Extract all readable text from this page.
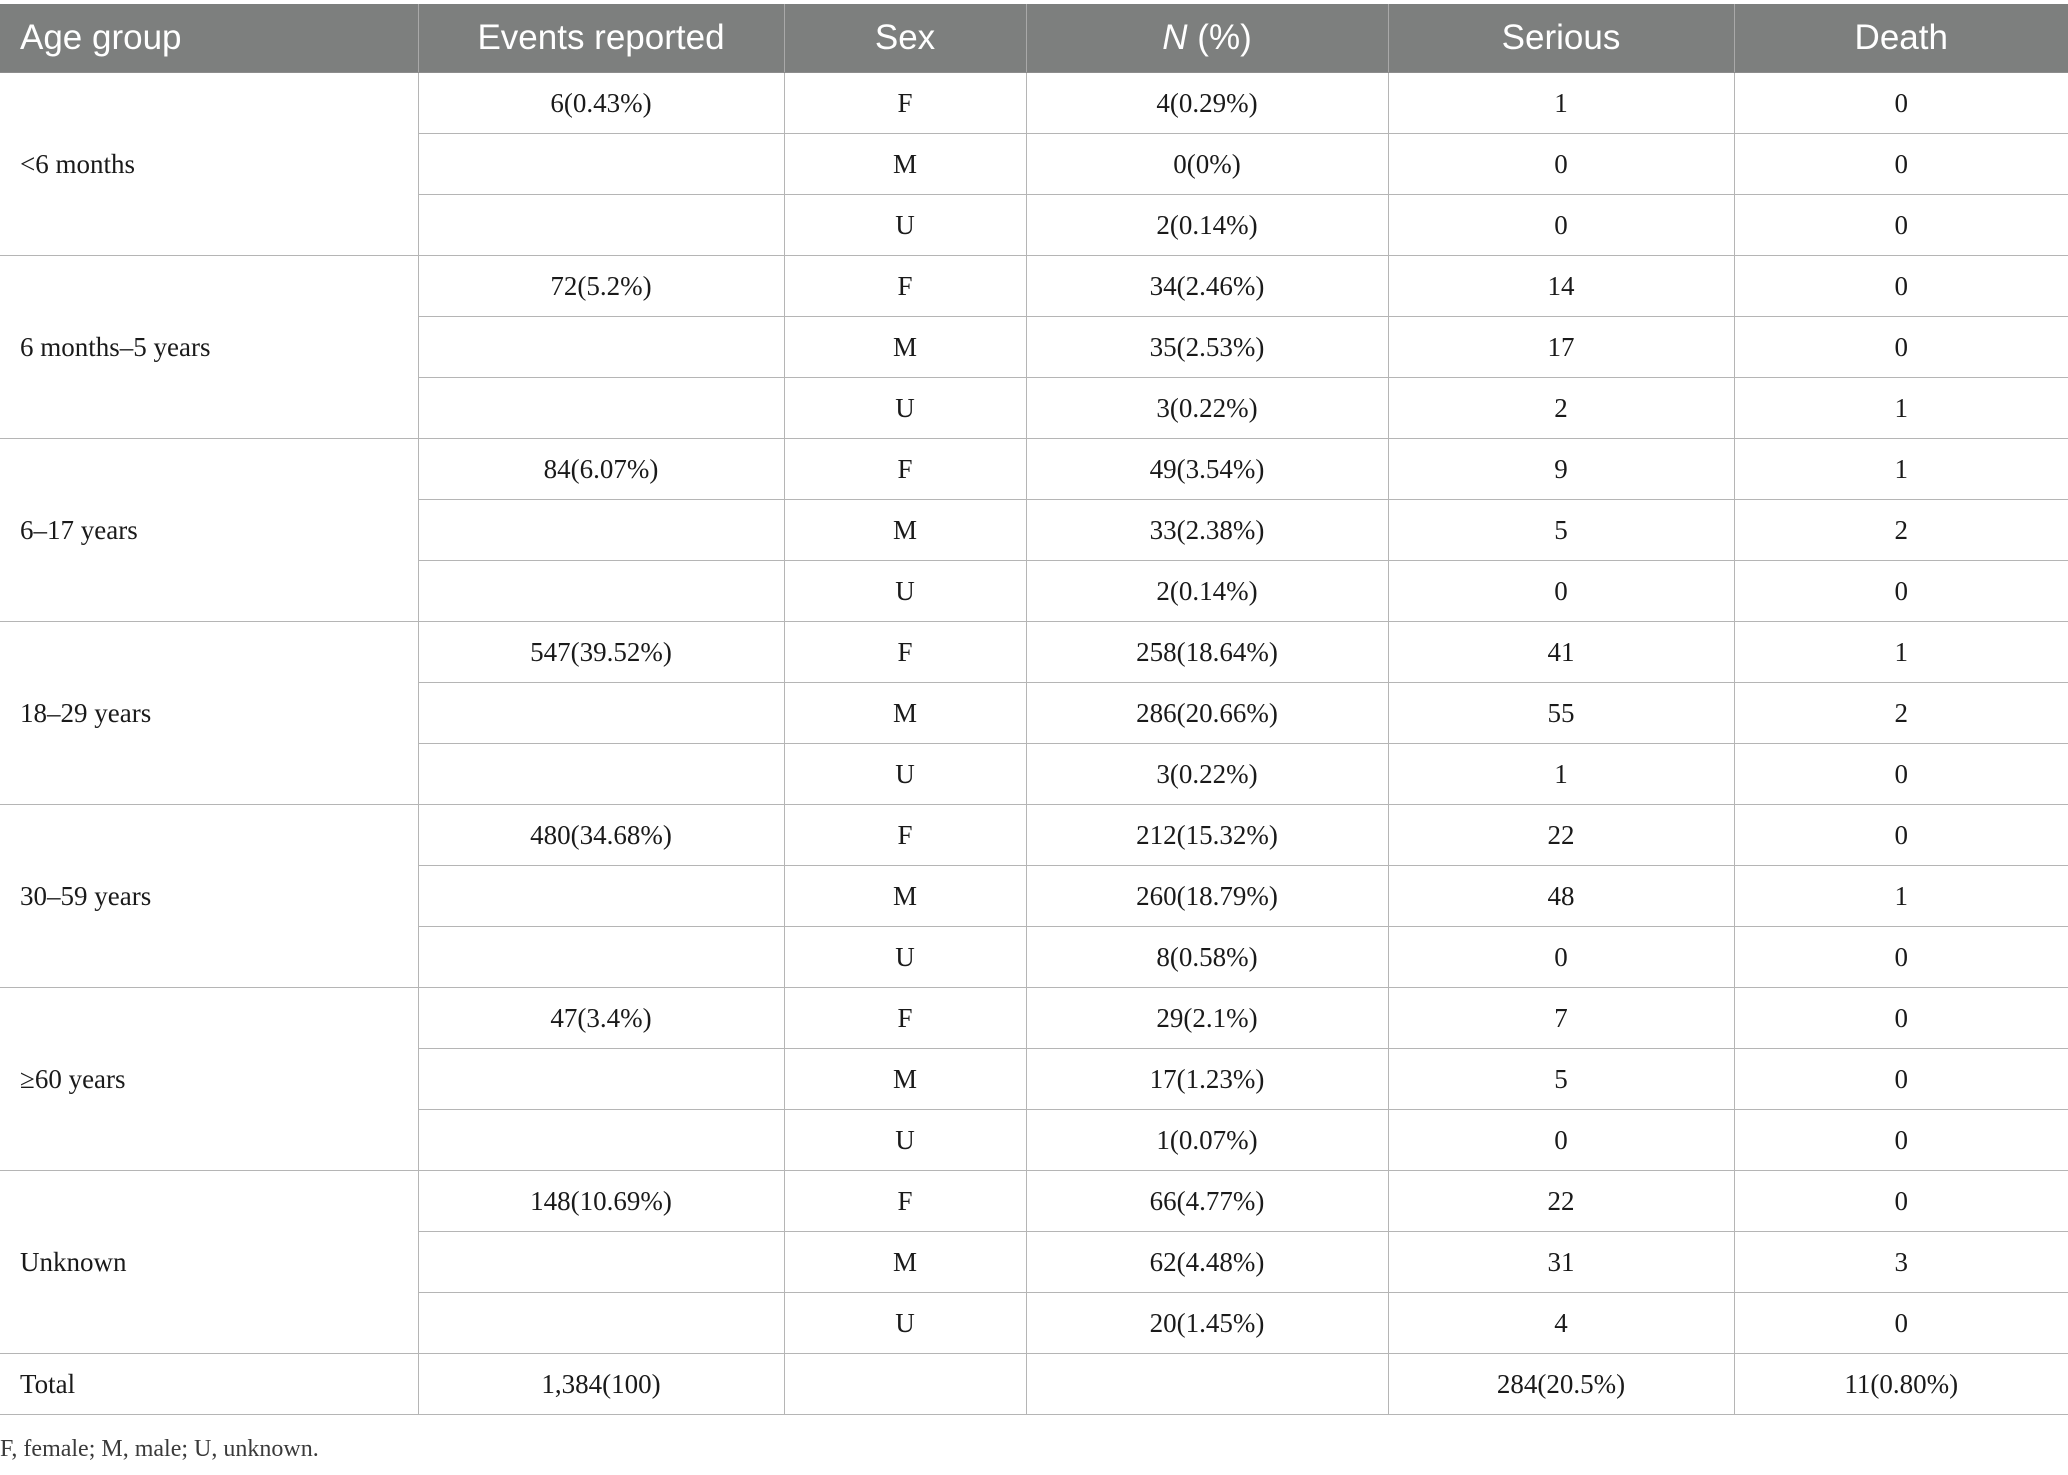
Age group	Events reported	Sex	N (%)	Serious	Death
<6 months	6(0.43%)	F	4(0.29%)	1	0
		M	0(0%)	0	0
		U	2(0.14%)	0	0
6 months–5 years	72(5.2%)	F	34(2.46%)	14	0
		M	35(2.53%)	17	0
		U	3(0.22%)	2	1
6–17 years	84(6.07%)	F	49(3.54%)	9	1
		M	33(2.38%)	5	2
		U	2(0.14%)	0	0
18–29 years	547(39.52%)	F	258(18.64%)	41	1
		M	286(20.66%)	55	2
		U	3(0.22%)	1	0
30–59 years	480(34.68%)	F	212(15.32%)	22	0
		M	260(18.79%)	48	1
		U	8(0.58%)	0	0
≥60 years	47(3.4%)	F	29(2.1%)	7	0
		M	17(1.23%)	5	0
		U	1(0.07%)	0	0
Unknown	148(10.69%)	F	66(4.77%)	22	0
		M	62(4.48%)	31	3
		U	20(1.45%)	4	0
Total	1,384(100)			284(20.5%)	11(0.80%)
F, female; M, male; U, unknown.
